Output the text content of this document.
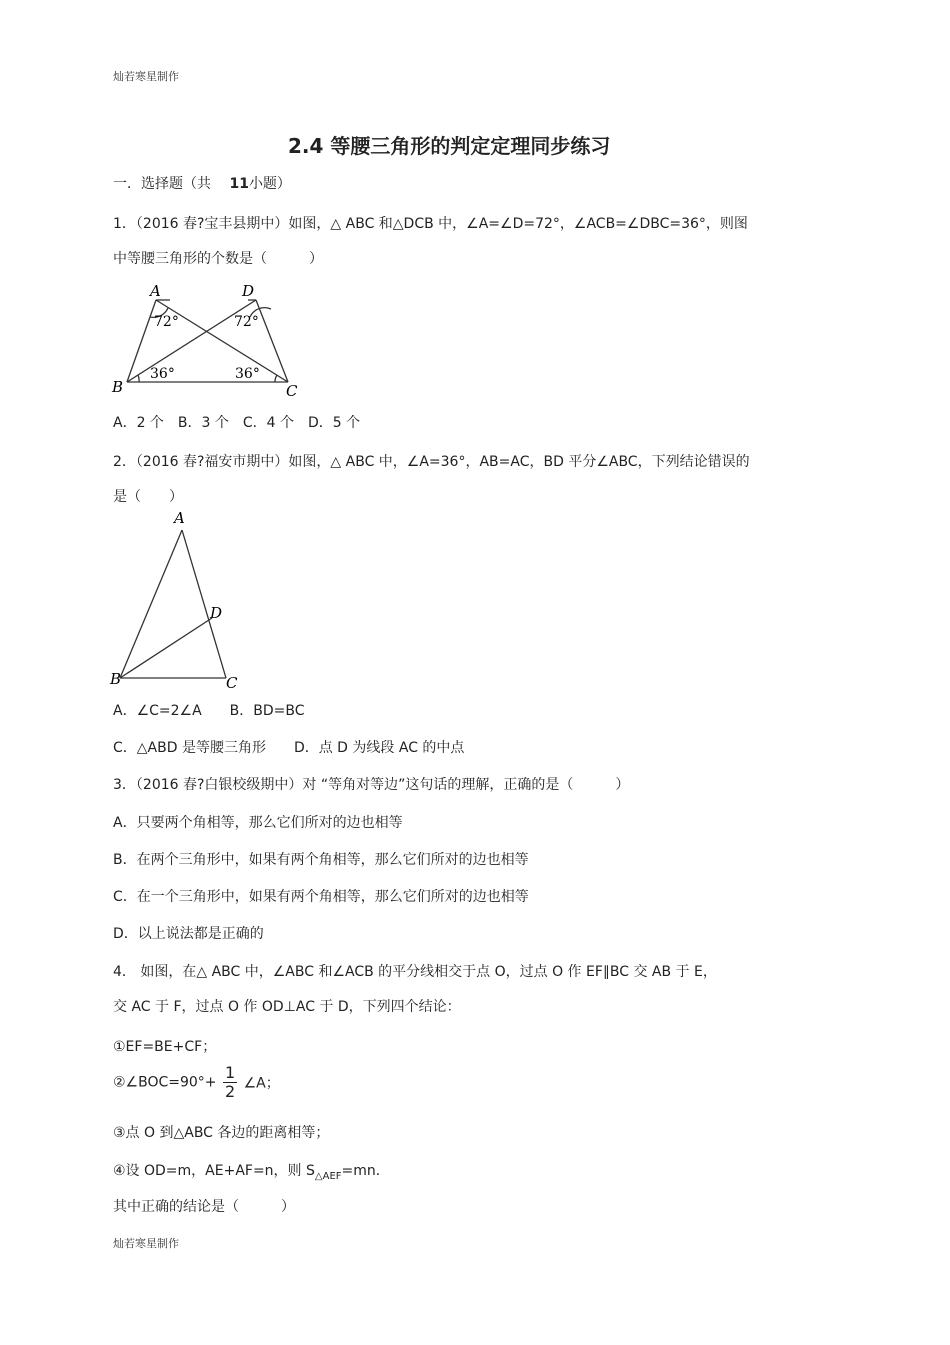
灿若寒星制作
2.4 等腰三角形的判定定理同步练习
一．选择题（共 11小题）
1．（2016 春?宝丰县期中）如图，△ ABC 和△DCB 中，∠A=∠D=72°，∠ACB=∠DBC=36°，则图
中等腰三角形的个数是（　　　）
A	D
B	C
72°	72°
36°	36°
A．2 个　B．3 个　C．4 个　D．5 个
2．（2016 春?福安市期中）如图，△ ABC 中，∠A=36°，AB=AC，BD 平分∠ABC，下列结论错误的
是（　　）
A
B	C
D
A．∠C=2∠A　　B．BD=BC
C．△ABD 是等腰三角形　　D．点 D 为线段 AC 的中点
3．（2016 春?白银校级期中）对 “等角对等边”这句话的理解，正确的是（　　　）
A．只要两个角相等，那么它们所对的边也相等
B．在两个三角形中，如果有两个角相等，那么它们所对的边也相等
C．在一个三角形中，如果有两个角相等，那么它们所对的边也相等
D．以上说法都是正确的
4． 如图，在△ ABC 中，∠ABC 和∠ACB 的平分线相交于点 O，过点 O 作 EF∥BC 交 AB 于 E，
交 AC 于 F，过点 O 作 OD⊥AC 于 D，下列四个结论：
①EF=BE+CF；
②∠BOC=90°+ $\frac{1}{2}$ ∠A；
③点 O 到△ABC 各边的距离相等；
④设 OD=m，AE+AF=n，则 $S_{\triangle AEF}=mn$．
其中正确的结论是（　　　）
灿若寒星制作
